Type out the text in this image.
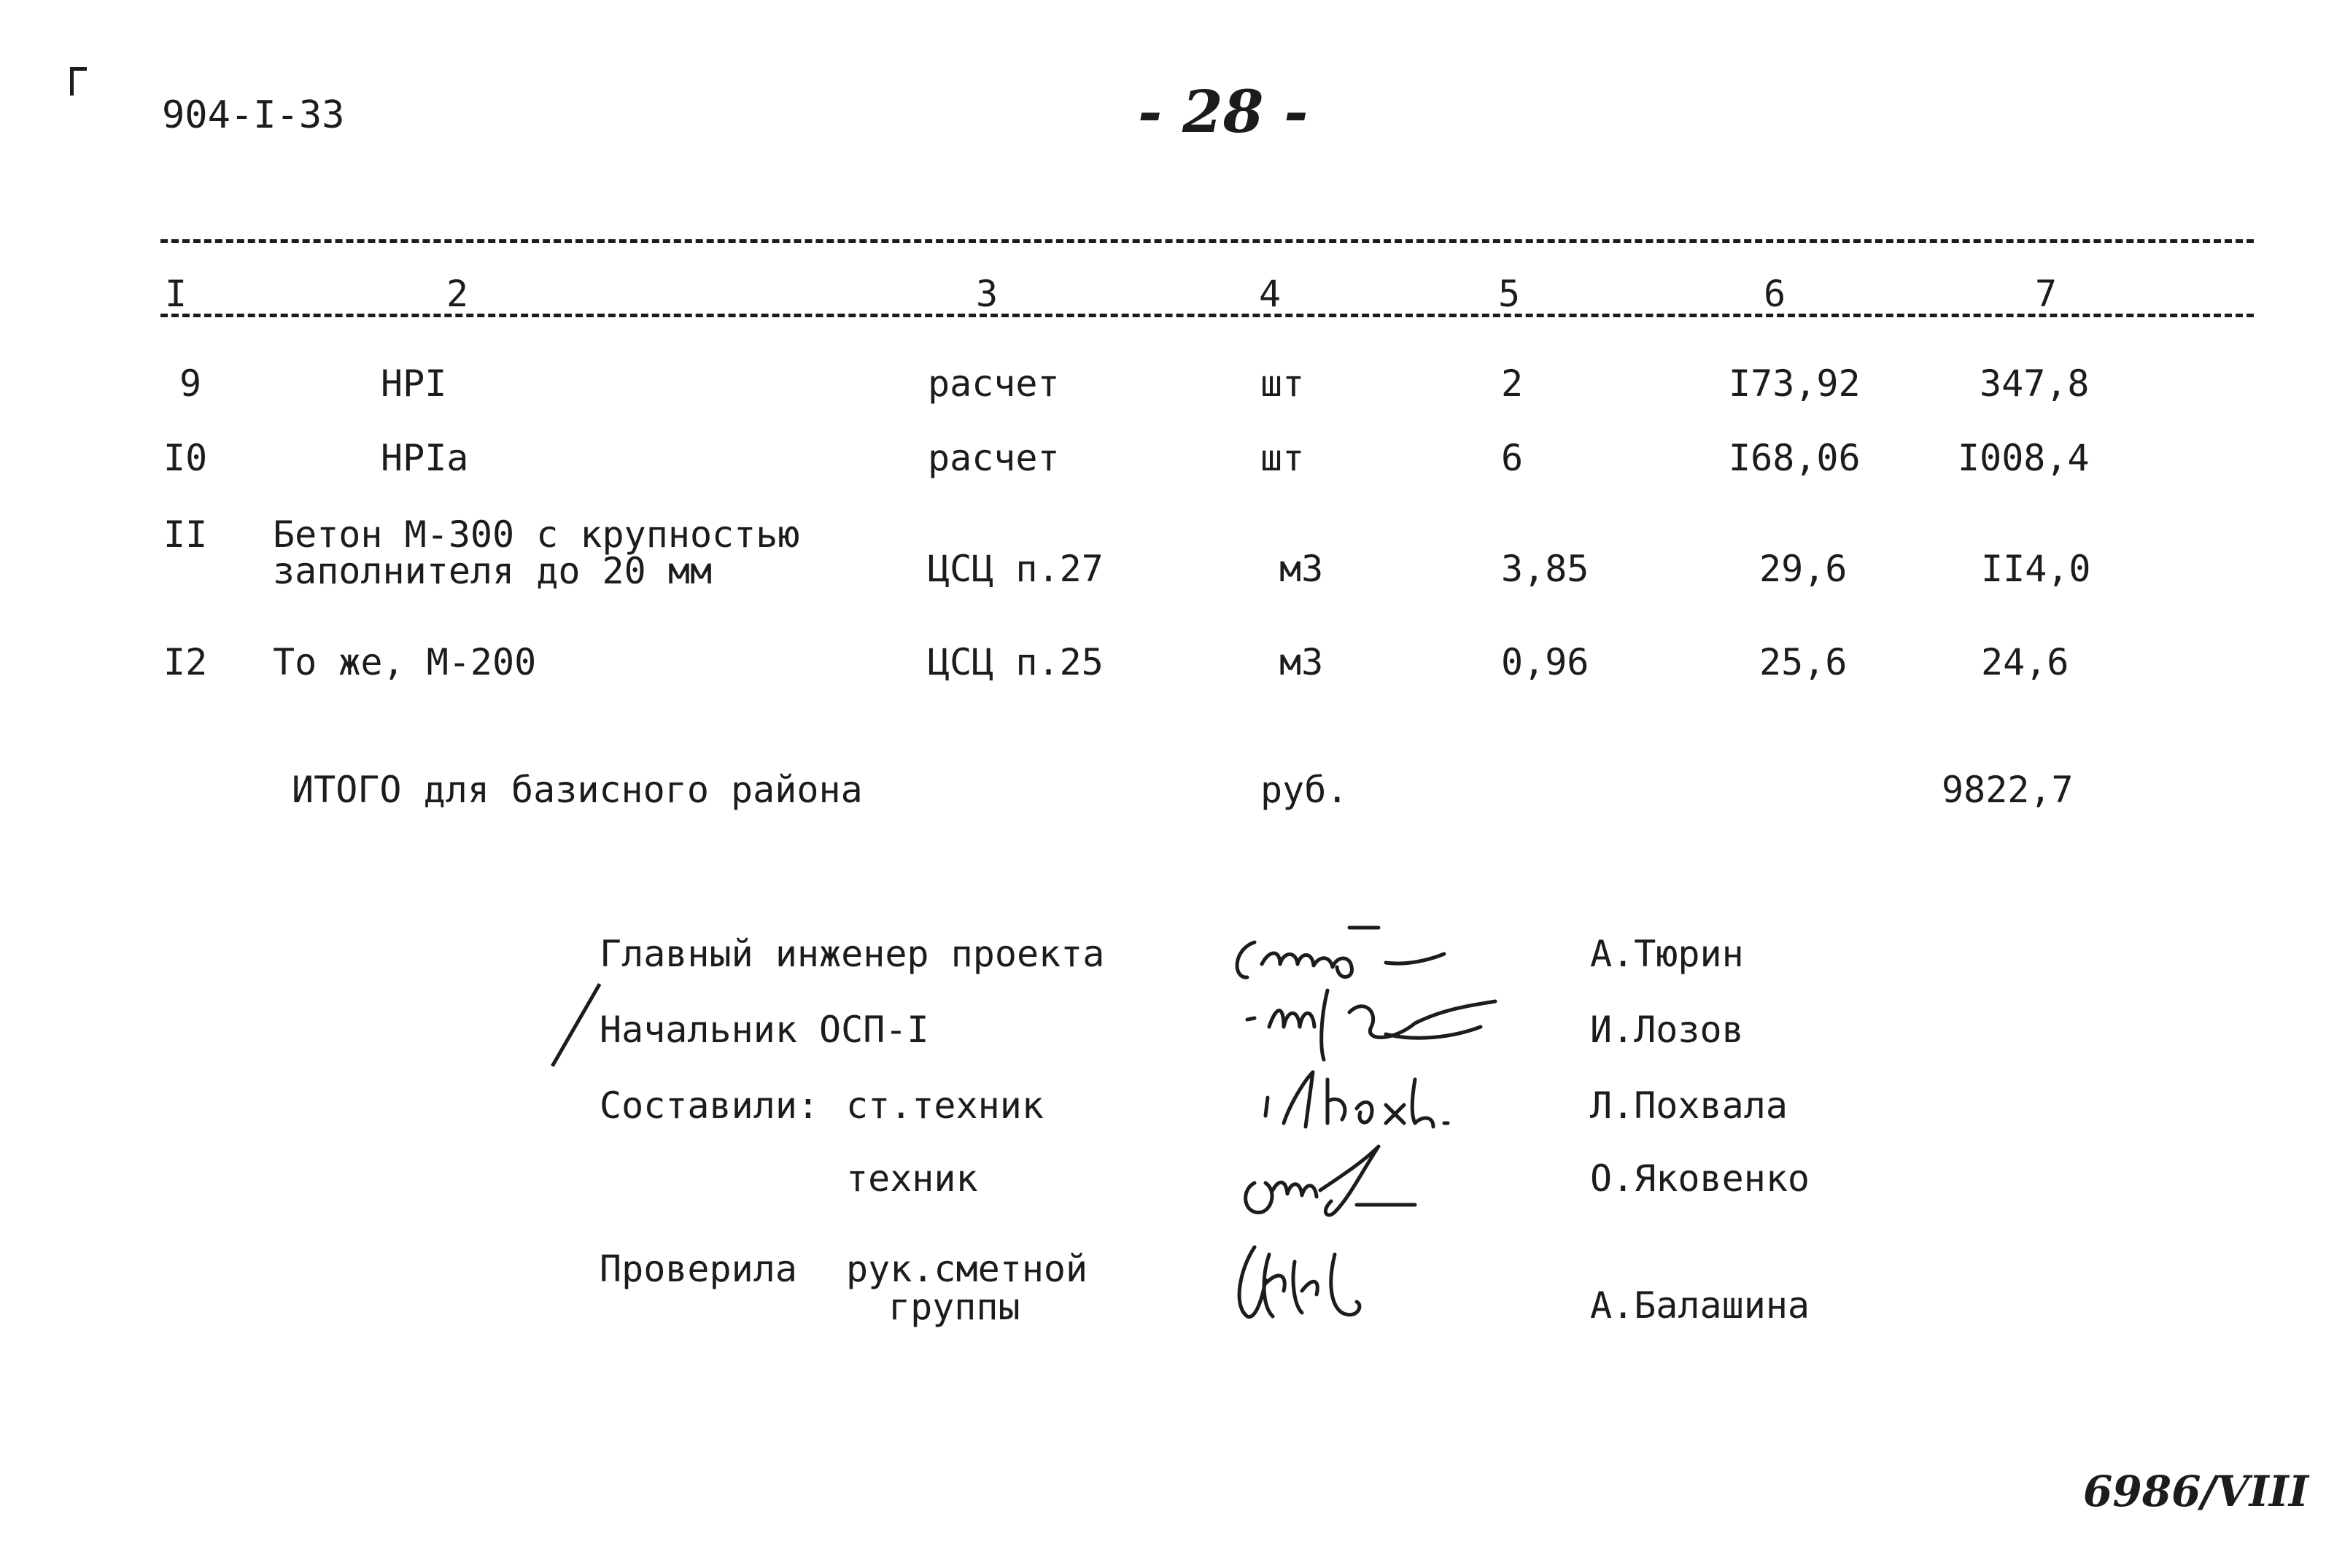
904-I-33	- 28 -
I	2	3	4	5	6	7
9	HPI	расчет	шт	2	I73,92	347,8
I0	HPIa	расчет	шт	6	I68,06	I008,4
II Бетон М-300 с крупностью
заполнителя до 20 мм	ЦСЦ п.27	м3	3,85	29,6	II4,0
I2 То же, М-200	ЦСЦ п.25	м3	0,96	25,6	24,6
ИТОГО для базисного района	руб.	9822,7
Главный инженер проекта	А.Тюрин
Начальник ОСП-I	И.Лозов
Составили: ст.техник	Л.Похвала
техник	О.Яковенко
Проверила рук.сметной
группы	А.Балашина
6986/VIII
